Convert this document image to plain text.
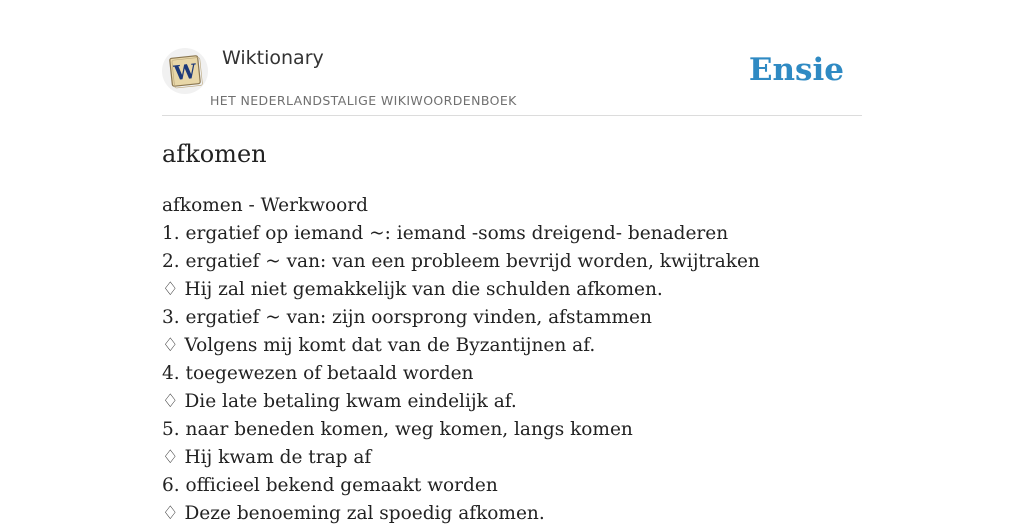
W
Wiktionary
HET NEDERLANDSTALIGE WIKIWOORDENBOEK
Ensie
afkomen
afkomen - Werkwoord
1. ergatief op iemand ~: iemand -soms dreigend- benaderen
2. ergatief ~ van: van een probleem bevrijd worden, kwijtraken
♢ Hij zal niet gemakkelijk van die schulden afkomen.
3. ergatief ~ van: zijn oorsprong vinden, afstammen
♢ Volgens mij komt dat van de Byzantijnen af.
4. toegewezen of betaald worden
♢ Die late betaling kwam eindelijk af.
5. naar beneden komen, weg komen, langs komen
♢ Hij kwam de trap af
6. officieel bekend gemaakt worden
♢ Deze benoeming zal spoedig afkomen.
